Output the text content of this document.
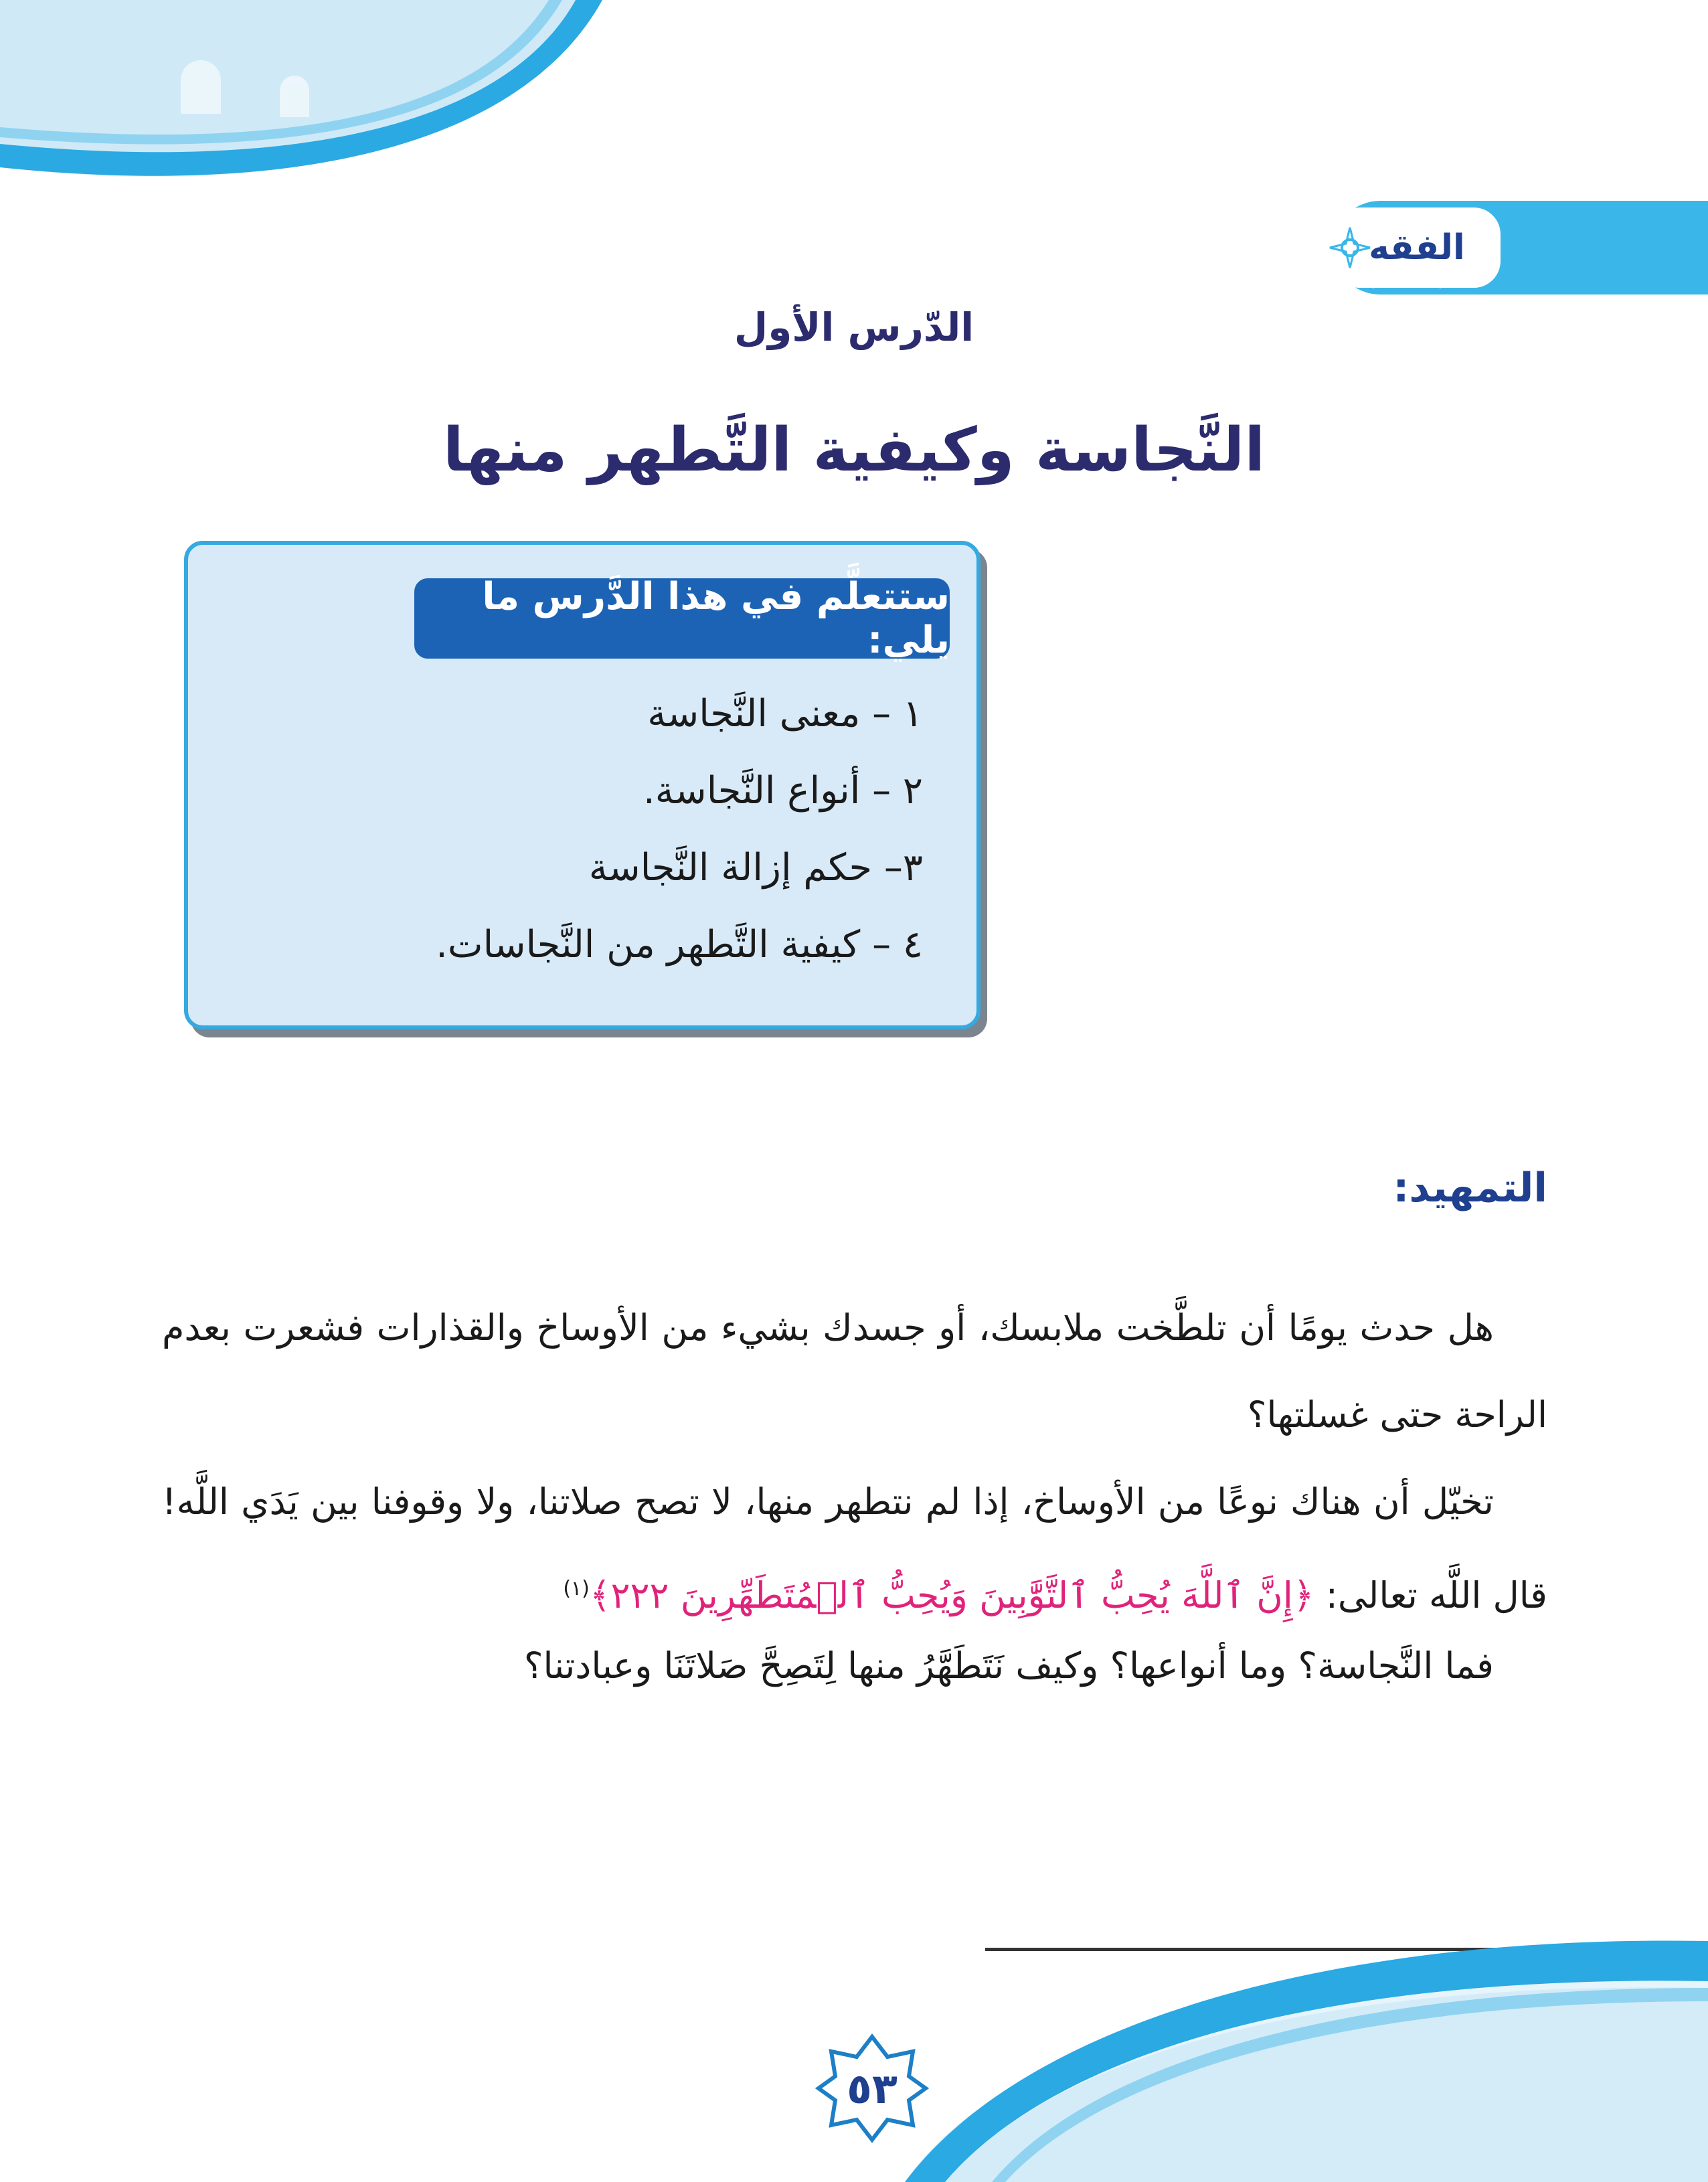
الفقه
الدّرس الأول
النَّجاسة وكيفية التَّطهر منها
ستتعلَّم في هذا الدَّرس ما يلي:
١ – معنى النَّجاسة
٢ – أنواع النَّجاسة.
٣– حكم إزالة النَّجاسة
٤ – كيفية التَّطهر من النَّجاسات.
التمهيد:

هل حدث يومًا أن تلطَّخت ملابسك، أو جسدك بشيء من الأوساخ والقذارات فشعرت بعدم الراحة حتى غسلتها؟

تخيّل أن هناك نوعًا من الأوساخ، إذا لم نتطهر منها، لا تصح صلاتنا، ولا وقوفنا بين يَدَي اللَّه! قال اللَّه تعالى: ﴿إِنَّ ٱللَّهَ يُحِبُّ ٱلتَّوَّٰبِينَ وَيُحِبُّ ٱلۡمُتَطَهِّرِينَ ٢٢٢﴾$^{(١)}$

فما النَّجاسة؟ وما أنواعها؟ وكيف نَتَطَهَّرُ منها لِتَصِحَّ صَلاتَنَا وعبادتنا؟

٥٣
